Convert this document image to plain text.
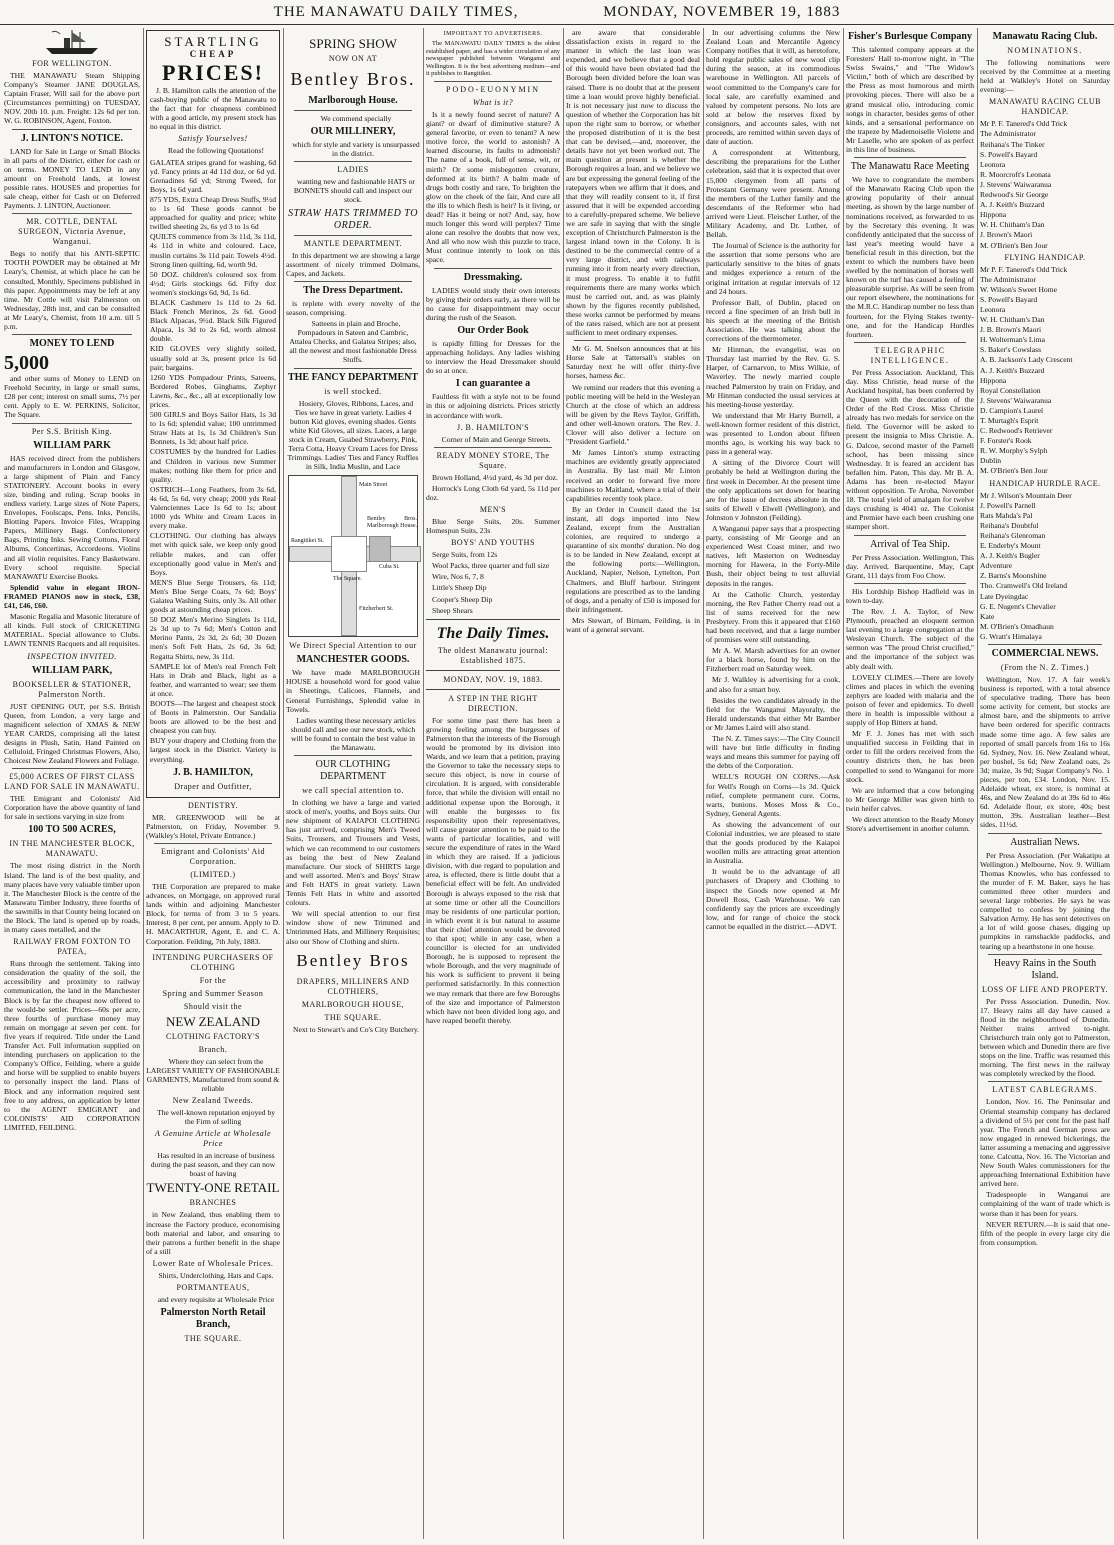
THE MANAWATU DAILY TIMES,	MONDAY, NOVEMBER 19, 1883
FOR WELLINGTON.

THE MANAWATU Steam Shipping Company's Steamer JANE DOUGLAS, Captain Fraser, Will sail for the above port (Circumstances permitting) on TUESDAY, NOV. 20th 10. p.m. Freight: 12s 6d per ton. W. G. ROBINSON, Agent, Foxton.

J. LINTON'S NOTICE.

LAND for Sale in Large or Small Blocks in all parts of the District, either for cash or on terms. MONEY TO LEND in any amount on Freehold lands, at lowest possible rates. HOUSES and properties for sale cheap, either for Cash or on Deferred Payments. J. LINTON, Auctioneer.

MR. COTTLE, DENTAL SURGEON, Victoria Avenue, Wanganui.

Begs to notify that his ANTI-SEPTIC TOOTH POWDER may be obtained at Mr Leary's, Chemist, at which place he can be consulted, Monthly, Specimens published in this paper. Appointments may be left at any time. Mr Cottle will visit Palmerston on Wednesday, 28th inst, and can be consulted at Mr Leary's, Chemist, from 10 a.m. till 5 p.m.

MONEY TO LEND
5,000

and other sums of Money to LEND on Freehold Security, in large or small sums, £28 per cent; interest on small sums, 7½ per cent. Apply to E. W. PERKINS, Solicitor, The Square.

Per S.S. British King.
WILLIAM PARK

HAS received direct from the publishers and manufacturers in London and Glasgow, a large shipment of Plain and Fancy STATIONERY. Account books in every size, binding and ruling. Scrap books in endless variety. Large sizes of Note Papers, Envelopes, Foolscaps, Pens. Inks, Pencils, Blotting Papers. Invoice Files, Wrapping Papers, Millinery Bags. Confectionery Bags, Printing Inks. Sewing Cottons, Floral Albums, Concertinas, Accordeons. Violins and all violin requisites. Fancy Basketware. Every school requisite. Special MANAWATU Exercise Books.

Splendid value in elegant IRON-FRAMED PIANOS now in stock, £38, £41, £46, £60.

Masonic Regalia and Masonic literature of all kinds. Full stock of CRICKETING MATERIAL. Special allowance to Clubs. LAWN TENNIS Racquets and all requisites.

INSPECTION INVITED.
WILLIAM PARK,
BOOKSELLER & STATIONER, Palmerston North.

JUST OPENING OUT, per S.S. British Queen, from London, a very large and magnificent selection of XMAS & NEW YEAR CARDS, comprising all the latest designs in Plush, Satin, Hand Painted on Celluloid, Fringed Christmas Flowers, Also, Choicest New Zealand Flowers and Foliage.

£5,000 ACRES OF FIRST CLASS LAND FOR SALE IN MANAWATU.

THE Emigrant and Colonists' Aid Corporation have the above quantity of land for sale in sections varying in size from

100 TO 500 ACRES,
IN THE MANCHESTER BLOCK, MANAWATU.

The most rising district in the North Island. The land is of the best quality, and many places have very valuable timber upon it. The Manchester Block is the centre of the Manawatu Timber Industry, three fourths of the sawmills in that County being located on the Block. The land is opened up by roads, in many cases metalled, and the

RAILWAY FROM FOXTON TO PATEA,

Runs through the settlement. Taking into consideration the quality of the soil, the accessibility and proximity to railway communication, the land in the Manchester Block is by far the cheapest now offered to the would-be settler. Prices—60s per acre, three fourths of purchase money may remain on mortgage at seven per cent. for five years if required. Title under the Land Transfer Act. Full information supplied on intending purchasers on application to the Company's Office, Feilding, where a guide and horse will be supplied to enable buyers to personally inspect the land. Plans of Block and any information required sent free to any address, on application by letter to the AGENT EMIGRANT and COLONISTS' AID CORPORATION LIMITED, FEILDING.

STARTLING
CHEAP
PRICES!

J. B. Hamilton calls the attention of the cash-buying public of the Manawatu to the fact that for cheapness combined with a good article, my present stock has no equal in this district.

Satisfy Yourselves!

Read the following Quotations!

GALATEA stripes grand for washing, 6d yd. Fancy prints at 4d 11d doz, or 6d yd. Grenadines 6d yd; Strong Tweed, for Boys, 1s 6d yard.
875 YDS, Extra Cheap Dress Stuffs, 9½d to 1s 6d These goods cannot be approached for quality and price; white twilled sheeting 2s, 6s yd 3 to 1s 6d
QUILTS commence from 3s 11d, 3s 11d, 4s 11d in white and coloured. Lace, muslin curtains 3s 11d pair. Towels 4½d. Strong linen quilting, 6d, worth 9d.
50 DOZ. children's coloured sox from 4½d; Girls stockings 6d. Fifty doz women's stockings 6d, 9d, 1s 6d.
BLACK Cashmere 1s 11d to 2s 6d. Black French Merinos, 2s 6d. Good Black Alpacas, 9½d. Black Silk Figured Alpaca, 1s 3d to 2s 6d, worth almost double.
KID GLOVES very slightly soiled, usually sold at 3s, present price 1s 6d pair; bargains.
1260 YDS Pompadour Prints, Sateens, Bordered Robes, Ginghams, Zephyr Lawns, &c., &c., all at exceptionally low prices.
500 GIRLS and Boys Sailor Hats, 1s 3d to 1s 6d; splendid value; 100 untrimmed Straw Hats at 1s, 1s 3d Children's Sun Bonnets, 1s 3d; about half price.
COSTUMES by the hundred for Ladies and Children in various new Summer makes; nothing like them for price and quality.
OSTRICH—Long Feathers, from 3s 6d, 4s 6d, 5s 6d, very cheap; 2000 yds Real Valenciennes Lace 1s 6d to 1s; about 1000 yds White and Cream Laces in every make.
CLOTHING. Our clothing has always met with quick sale, we keep only good reliable makes, and can offer exceptionally good value in Men's and Boys.
MEN'S Blue Serge Trousers, 6s 11d; Men's Blue Serge Coats, 7s 6d; Boys' Galatea Washing Suits, only 3s. All other goods at astounding cheap prices.
50 DOZ Men's Merino Singlets 1s 11d, 2s 3d up to 7s 6d; Men's Cotton and Merino Pants, 2s 3d, 2s 6d; 30 Dozen men's Soft Felt Hats, 2s 6d, 3s 6d; Regatta Shirts, new, 3s 11d.
SAMPLE lot of Men's real French Felt Hats in Drab and Black, light as a feather, and warranted to wear; see them at once.
BOOTS—The largest and cheapest stock of Boots in Palmerston. Our Sandalia boots are allowed to be the best and cheapest you can buy.
BUY your drapery and Clothing from the largest stock in the District. Variety is everything.
J. B. HAMILTON,
Draper and Outfitter,
DENTISTRY.

MR. GREENWOOD will be at Palmerston, on Friday, November 9. (Walkley's Hotel, Private Entrance.)

Emigrant and Colonists' Aid Corporation.
(LIMITED.)

THE Corporation are prepared to make advances, on Mortgage, on approved rural lands within and adjoining Manchester Block, for terms of from 3 to 5 years. Interest, 8 per cent, per annum. Apply to D. H. MACARTHUR, Agent, E. and C. A. Corporation. Feilding, 7th July, 1883.

INTENDING PURCHASERS OF CLOTHING
For the
Spring and Summer Season
Should visit the
NEW ZEALAND
CLOTHING FACTORY'S
Branch.

Where they can select from the LARGEST VARIETY OF FASHIONABLE GARMENTS, Manufactured from sound & reliable

New Zealand Tweeds.

The well-known reputation enjoyed by the Firm of selling

A Genuine Article at Wholesale Price

Has resulted in an increase of business during the past season, and they can now boast of having

TWENTY-ONE RETAIL
BRANCHES

in New Zealand, thus enabling them to increase the Factory produce, economising both material and labor, and ensuring to their patrons a further benefit in the shape of a still

Lower Rate of Wholesale Prices.

Shirts, Underclothing, Hats and Caps.

PORTMANTEAUS,

and every requisite at Wholesale Price

Palmerston North Retail Branch,
THE SQUARE.
SPRING SHOW
NOW ON AT
Bentley Bros.
Marlborough House.

We commend specially

OUR MILLINERY,

which for style and variety is unsurpassed in the district.

LADIES

wanting new and fashionable HATS or BONNETS should call and inspect our stock.

STRAW HATS TRIMMED TO ORDER.
MANTLE DEPARTMENT.

In this department we are showing a large assortment of nicely trimmed Dolmans, Capes, and Jackets.

The Dress Department.

is replete with every novelty of the season, comprising.

Satteens in plain and Broche, Pompadours in Sateen and Cambric, Attalea Checks, and Galatea Stripes; also, all the newest and most fashionable Dress Stuffs.

THE FANCY DEPARTMENT
is well stocked.

Hosiery, Gloves, Ribbons, Laces, and Ties we have in great variety. Ladies 4 button Kid gloves, evening shades. Gents white Kid Gloves, all sizes. Laces, a large stock in Cream, Guabed Strawberry, Pink, Terra Cotta, Heavy Cream Laces for Dress Trimmings. Ladies' Ties and Fancy Ruffles in Silk, India Muslin, and Lace

Main Street
The Square.
Rangitikei St.
Cuba St.
Fitzherbert St.
Bentley Bros. Marlborough House.
We Direct Special Attention to our
MANCHESTER GOODS.

We have made MARLBOROUGH HOUSE a household word for good value in Sheetings, Calicoes, Flannels, and General Furnishings, Splendid value in Towels.

Ladies wanting these necessary articles should call and see our new stock, which will be found to contain the best value in the Manawatu.

OUR CLOTHING DEPARTMENT
we call special attention to.

In clothing we have a large and varied stock of men's, youths, and Boys suits. Our new shipment of KAIAPOI CLOTHING has just arrived, comprising Men's Tweed Suits, Trousers, and Trousers and Vests, which we can recommend to our customers as being the best of New Zealand manufacture. Our stock of SHIRTS large and well assorted. Men's and Boys' Straw and Felt HATS in great variety. Lawn Tennis Felt Hats in white and assorted colours.

We will special attention to our first window show of new Trimmed and Untrimmed Hats, and Millinery Requisites; also our Show of Clothing and shirts.

Bentley Bros
DRAPERS, MILLINERS AND CLOTHIERS,
MARLBOROUGH HOUSE,
THE SQUARE.

Next to Stewart's and Co's City Butchery.

IMPORTANT TO ADVERTISERS.

The MANAWATU DAILY TIMES is the oldest established paper, and has a wider circulation of any newspaper published between Wanganui and Wellington. It is the best advertising medium—and it publishes to Rangitikei.

PODO-EUONYMIN
What is it?

Is it a newly found secret of nature? A giant? or dwarf of diminutive stature? A general favorite, or even to tenant? A new motive force, the world to astonish? A learned discourse, its faults to admonish? The name of a book, full of sense, wit, or mirth? Or some misbegotten creature, deformed at its birth? A balm made of drugs both costly and rare, To brighten the glow on the cheek of the fair, And cure all the ills to which flesh is heir? Is it living, or dead? Has it being or not? And, say, how much longer this word will perplex? Time alone can resolve the doubts that now vex, And all who now wish this puzzle to trace, Must continue intently to look on this space.

Dressmaking.

LADIES would study their own interests by giving their orders early, as there will be no cause for disappointment may occur during the rush of the Season.

Our Order Book

is rapidly filling for Dresses for the approaching holidays. Any ladies wishing to interview the Head Dressmaker should do so at once.

I can guarantee a

Faultless fit with a style not to be found in this or adjoining districts. Prices strictly in accordance with work.

J. B. HAMILTON'S

Corner of Main and George Streets.

READY MONEY STORE, The Square.

Brown Holland, 4½d yard, 4s 3d per doz.

Horrock's Long Cloth 6d yard, 5s 11d per doz.

MEN'S

Blue Serge Suits, 20s. Summer Homespun Suits, 23s

BOYS' AND YOUTHS

Serge Suits, from 12s

Wool Packs, three quarter and full size

Wire, Nos 6, 7, 8

Little's Sheep Dip

Cooper's Sheep Dip

Sheep Shears

The Daily Times.
The oldest Manawatu journal: Established 1875.
MONDAY, NOV. 19, 1883.
A STEP IN THE RIGHT DIRECTION.

For some time past there has been a growing feeling among the burgesses of Palmerston that the interests of the Borough would be promoted by its division into Wards, and we learn that a petition, praying the Governor to take the necessary steps to secure this object, is now in course of circulation. It is argued, with considerable force, that while the division will entail no additional expense upon the Borough, it will enable the burgesses to fix responsibility upon their representatives, will cause greater attention to be paid to the wants of particular localities, and will secure the expenditure of rates in the Ward in which they are raised. If a judicious division, with due regard to population and area, is effected, there is little doubt that a beneficial effect will be felt. An undivided Borough is always exposed to the risk that at some time or other all the Councillors may be residents of one particular portion, in which event it is but natural to assume that their chief attention would be devoted to that spot; while in any case, when a councillor is elected for an undivided Borough, he is supposed to represent the whole Borough, and the very magnitude of his work is sufficient to prevent it being performed satisfactorily. In this connection we may remark that there are few Boroughs of the size and importance of Palmerston which have not been divided long ago, and have reaped benefit thereby.

are aware that considerable dissatisfaction exists in regard to the manner in which the last loan was expended, and we believe that a good deal of this would have been obviated had the Borough been divided before the loan was raised. There is no doubt that at the present time a loan would prove highly beneficial. It is not necessary just now to discuss the question of whether the Corporation has hit upon the right sum to borrow, or whether the proposed distribution of it is the best that can be devised,—and, moreover, the details have not yet been worked out. The main question at present is whether the Borough requires a loan, and we believe we are but expressing the general feeling of the ratepayers when we affirm that it does, and that they will readily consent to it, if first assured that it will be expended according to a carefully-prepared scheme. We believe we are safe in saying that with the single exception of Christchurch Palmerston is the largest inland town in the Colony. It is destined to be the commercial centre of a very large district, and with railways running into it from nearly every direction, it must progress. To enable it to fulfil requirements there are many works which must be carried out, and, as was plainly shown by the figures recently published, these works cannot be performed by means of the rates raised, which are not at present sufficient to meet ordinary expenses.

Mr G. M. Snelson announces that at his Horse Sale at Tattersall's stables on Saturday next he will offer thirty-five horses, harness &c.

We remind our readers that this evening a public meeting will be held in the Wesleyan Church at the close of which an address will be given by the Revs Taylor, Griffith, and other well-known orators. The Rev. J. Clover will also deliver a lecture on "President Garfield."

Mr James Linton's stump extracting machines are evidently greatly appreciated in Australia. By last mail Mr Linton received an order to forward five more machines to Maitland, where a trial of their capabilities recently took place.

By an Order in Council dated the 1st instant, all dogs imported into New Zealand, except from the Australian colonies, are required to undergo a quarantine of six months' duration. No dog is to be landed in New Zealand, except at the following ports:—Wellington, Auckland, Napier, Nelson, Lyttelton, Port Chalmers, and Bluff harbour. Stringent regulations are prescribed as to the landing of dogs, and a penalty of £50 is imposed for their infringement.

Mrs Stewart, of Birnam, Feilding, is in want of a general servant.

In our advertising columns the New Zealand Loan and Mercantile Agency Company notifies that it will, as heretofore, hold regular public sales of new wool clip during the season, at its commodious warehouse in Wellington. All parcels of wool committed to the Company's care for local sale, are carefully examined and valued by competent persons. No lots are sold at below the reserves fixed by consignors, and accounts sales, with net proceeds, are remitted within seven days of date of auction.

A correspondent at Wittenburg, describing the preparations for the Luther celebration, said that it is expected that over 15,000 clergymen from all parts of Protestant Germany were present. Among the members of the Luther family and the descendants of the Reformer who had arrived were Lieut. Fleischer Luther, of the Military Academy, and Dr. Luther, of Bellah.

The Journal of Science is the authority for the assertion that some persons who are particularly sensitive to the bites of gnats and midges experience a return of the original irritation at regular intervals of 12 and 24 hours.

Professor Ball, of Dublin, placed on record a fine specimen of an Irish bull in his speech at the meeting of the British Association. He was talking about the corrections of the thermometer.

Mr Hinman, the evangelist, was on Thursday last married by the Rev. G. S. Harper, of Carnarvon, to Miss Wilkie, of Waverley. The newly married couple reached Palmerston by train on Friday, and Mr Hinman conducted the usual services at his meeting-house yesterday.

We understand that Mr Harry Burrell, a well-known former resident of this district, was presented to London about fifteen months ago, is working his way back to pass in a general way.

A sitting of the Divorce Court will probably be held at Wellington during the first week in December. At the present time the only applications set down for hearing are for the issue of decrees absolute in the suits of Elwell v Elwell (Wellington), and Johnston v Johnston (Feilding).

A Wanganui paper says that a prospecting party, consisting of Mr George and an experienced West Coast miner, and two natives, left Masterton on Wednesday morning for Hawera, in the Forty-Mile Bush, their object being to test alluvial deposits in the ranges.

At the Catholic Church, yesterday morning, the Rev Father Cherry read out a list of sums received for the new Presbytery. From this it appeared that £160 had been received, and that a large number of promises were still outstanding.

Mr A. W. Marsh advertises for an owner for a black horse, found by him on the Fitzherbert road on Saturday week.

Mr J. Walkley is advertising for a cook, and also for a smart boy.

Besides the two candidates already in the field for the Wanganui Mayoralty, the Herald understands that either Mr Bamber or Mr James Laird will also stand.

The N. Z. Times says:—The City Council will have but little difficulty in finding ways and means this summer for paying off the debts of the Corporation.

WELL'S ROUGH ON CORNS.—Ask for Well's Rough on Corns—1s 3d. Quick relief, complete permanent cure. Corns, warts, bunions. Moses Moss & Co., Sydney, General Agents.

As showing the advancement of our Colonial industries, we are pleased to state that the goods produced by the Kaiapoi woollen mills are attracting great attention in Australia.

It would be to the advantage of all purchasers of Drapery and Clothing to inspect the Goods now opened at Mr Dowell Ross, Cash Warehouse. We can confidently say the prices are exceedingly low, and for range of choice the stock cannot be equalled in the district.—ADVT.

Fisher's Burlesque Company

This talented company appears at the Foresters' Hall to-morrow night, in "The Swiss Swains," and "The Widow's Victim," both of which are described by the Press as most humorous and mirth provoking pieces. There will also be a grand musical olio, introducing comic songs in character, besides gems of other kinds, and a sensational performance on the trapeze by Mademoiselle Violette and Mr Laselle, who are spoken of as perfect in this line of business.

The Manawatu Race Meeting

We have to congratulate the members of the Manawatu Racing Club upon the growing popularity of their annual meeting, as shown by the large number of nominations received, as forwarded to us by the Secretary this evening. It was confidently anticipated that the success of last year's meeting would have a beneficial result in this direction, but the extent to which the numbers have been swelled by the nomination of horses well known on the turf has caused a feeling of pleasurable surprise. As will be seen from our report elsewhere, the nominations for the M.R.C. Handicap number no less than fourteen, for the Flying Stakes twenty-one, and for the Handicap Hurdles fourteen.

TELEGRAPHIC INTELLIGENCE.

Per Press Association. Auckland, This day. Miss Christie, head nurse of the Auckland hospital, has been conferred by the Queen with the decoration of the Order of the Red Cross. Miss Christie already has two medals for service on the field. The Governor will be asked to present the insignia to Miss Christie. A. G. Dalcoe, second master of the Parnell school, has been missing since Wednesday. It is feared an accident has befallen him. Paton, This day. Mr B. A. Adams has been re-elected Mayor without opposition. Te Aroha, November 18. The total yield of amalgam for twelve days crushing is 4041 oz. The Colonist and Premier have each been crushing one stamper short.

Arrival of Tea Ship.

Per Press Association. Wellington, This day. Arrived, Barquentine, May, Capt Grant, 111 days from Foo Chow.

His Lordship Bishop Hadfield was in town to-day.

The Rev. J. A. Taylor, of New Plymouth, preached an eloquent sermon last evening to a large congregation at the Wesleyan Church. The subject of the sermon was "The proud Christ crucified," and the importance of the subject was ably dealt with.

LOVELY CLIMES.—There are lovely climes and places in which the evening zephyrs are loaded with malaria and the poison of fever and epidemics. To dwell there in health is impossible without a supply of Hop Bitters at hand.

Mr F. J. Jones has met with such unqualified success in Feilding that in order to fill the orders received from the country districts then, he has been compelled to send to Wanganui for more stock.

We are informed that a cow belonging to Mr George Miller was given birth to twin heifer calves.

We direct attention to the Ready Money Store's advertisement in another column.

Manawatu Racing Club.
NOMINATIONS.

The following nominations were received by the Committee at a meeting held at Walkley's Hotel on Saturday evening:—

MANAWATU RACING CLUB HANDICAP.
Mr P. F. Tanered's Odd Trick
The Administrator
Reihana's The Tinker
S. Powell's Bayard
Leonora
R. Moorcroft's Leonata
J. Stevens' Waiwaranua
Redwood's Sir George
A. J. Keith's Buzzard
Hippona
W. H. Chitham's Dan
J. Brown's Maori
M. O'Brien's Ben Jour
FLYING HANDICAP.
Mr P. F. Tanered's Odd Trick
The Administrator
W. Wilson's Sweet Home
S. Powell's Bayard
Leonora
W. H. Chitham's Dan
J. B. Brown's Maori
H. Wolterman's Lima
S. Baker's Cowslass
A. B. Jackson's Lady Crescent
A. J. Keith's Buzzard
Hippona
Royal Constellation
J. Stevens' Waiwaranua
D. Campion's Laurel
T. Murtagh's Esprit
C. Redwood's Retriever
F. Forster's Rook
R. W. Morphy's Sylph
Dublin
M. O'Brien's Ben Jour
HANDICAP HURDLE RACE.
Mr J. Wilson's Mountain Deer
J. Powell's Parnell
Rats Mahda's Pal
Reihana's Doubtful
Reihana's Glenroman
E. Enderby's Mount
A. J. Keith's Bugler
Adventure
Z. Barns's Moonshine
Tho. Cramwell's Old Ireland
Late Dyeingdac
G. E. Nugent's Chevalier
Kate
M. O'Brien's Omadhaun
G. Wratt's Himalaya
COMMERCIAL NEWS.
(From the N. Z. Times.)

Wellington, Nov. 17. A fair week's business is reported, with a total absence of speculative trading. There has been some activity for cement, but stocks are almost bare, and the shipments to arrive have been ordered for specific contracts made some time ago. A few sales are reported of small parcels from 16s to 16s 6d. Sydney, Nov. 16. New Zealand wheat, per bushel, 5s 6d; New Zealand oats, 2s 3d; maize, 3s 9d; Sugar Company's No. 1 pieces, per ton, £34. London, Nov. 15. Adelaide wheat, ex store, is nominal at 46s, and New Zealand do at 39s 6d to 46s 6d. Adelaide flour, ex store, 40s; best mutton, 39s. Australian leather—Best sides, 11½d.

Australian News.

Per Press Association. (Per Wakatipu at Wellington.) Melbourne, Nov. 9. William Thomas Knowles, who has confessed to the murder of F. M. Baker, says he has committed three other murders and several large robberies. He says he was compelled to confess by joining the Salvation Army. He has sent detectives on a lot of wild goose chases, digging up pumpkins in ramshackle paddocks, and tearing up a hearthstone in one house.

Heavy Rains in the South Island.
LOSS OF LIFE AND PROPERTY.

Per Press Association. Dunedin, Nov. 17. Heavy rains all day have caused a flood in the neighbourhood of Dunedin. Neither trains arrived to-night. Christchurch train only got to Palmerston, between which and Dunedin there are five stops on the line. Traffic was resumed this morning. The first news in the railway was completely wrecked by the flood.

LATEST CABLEGRAMS.

London, Nov. 16. The Peninsular and Oriental steamship company has declared a dividend of 5½ per cent for the past half year. The French and German press are now engaged in renewed bickerings, the latter assuming a menacing and aggressive tone. Calcutta, Nov. 16. The Victorian and New South Wales commissioners for the approaching International Exhibition have arrived here.

Tradespeople in Wanganui are complaining of the want of trade which is worse than it has been for years.

NEVER RETURN.—It is said that one-fifth of the people in every large city die from consumption.
